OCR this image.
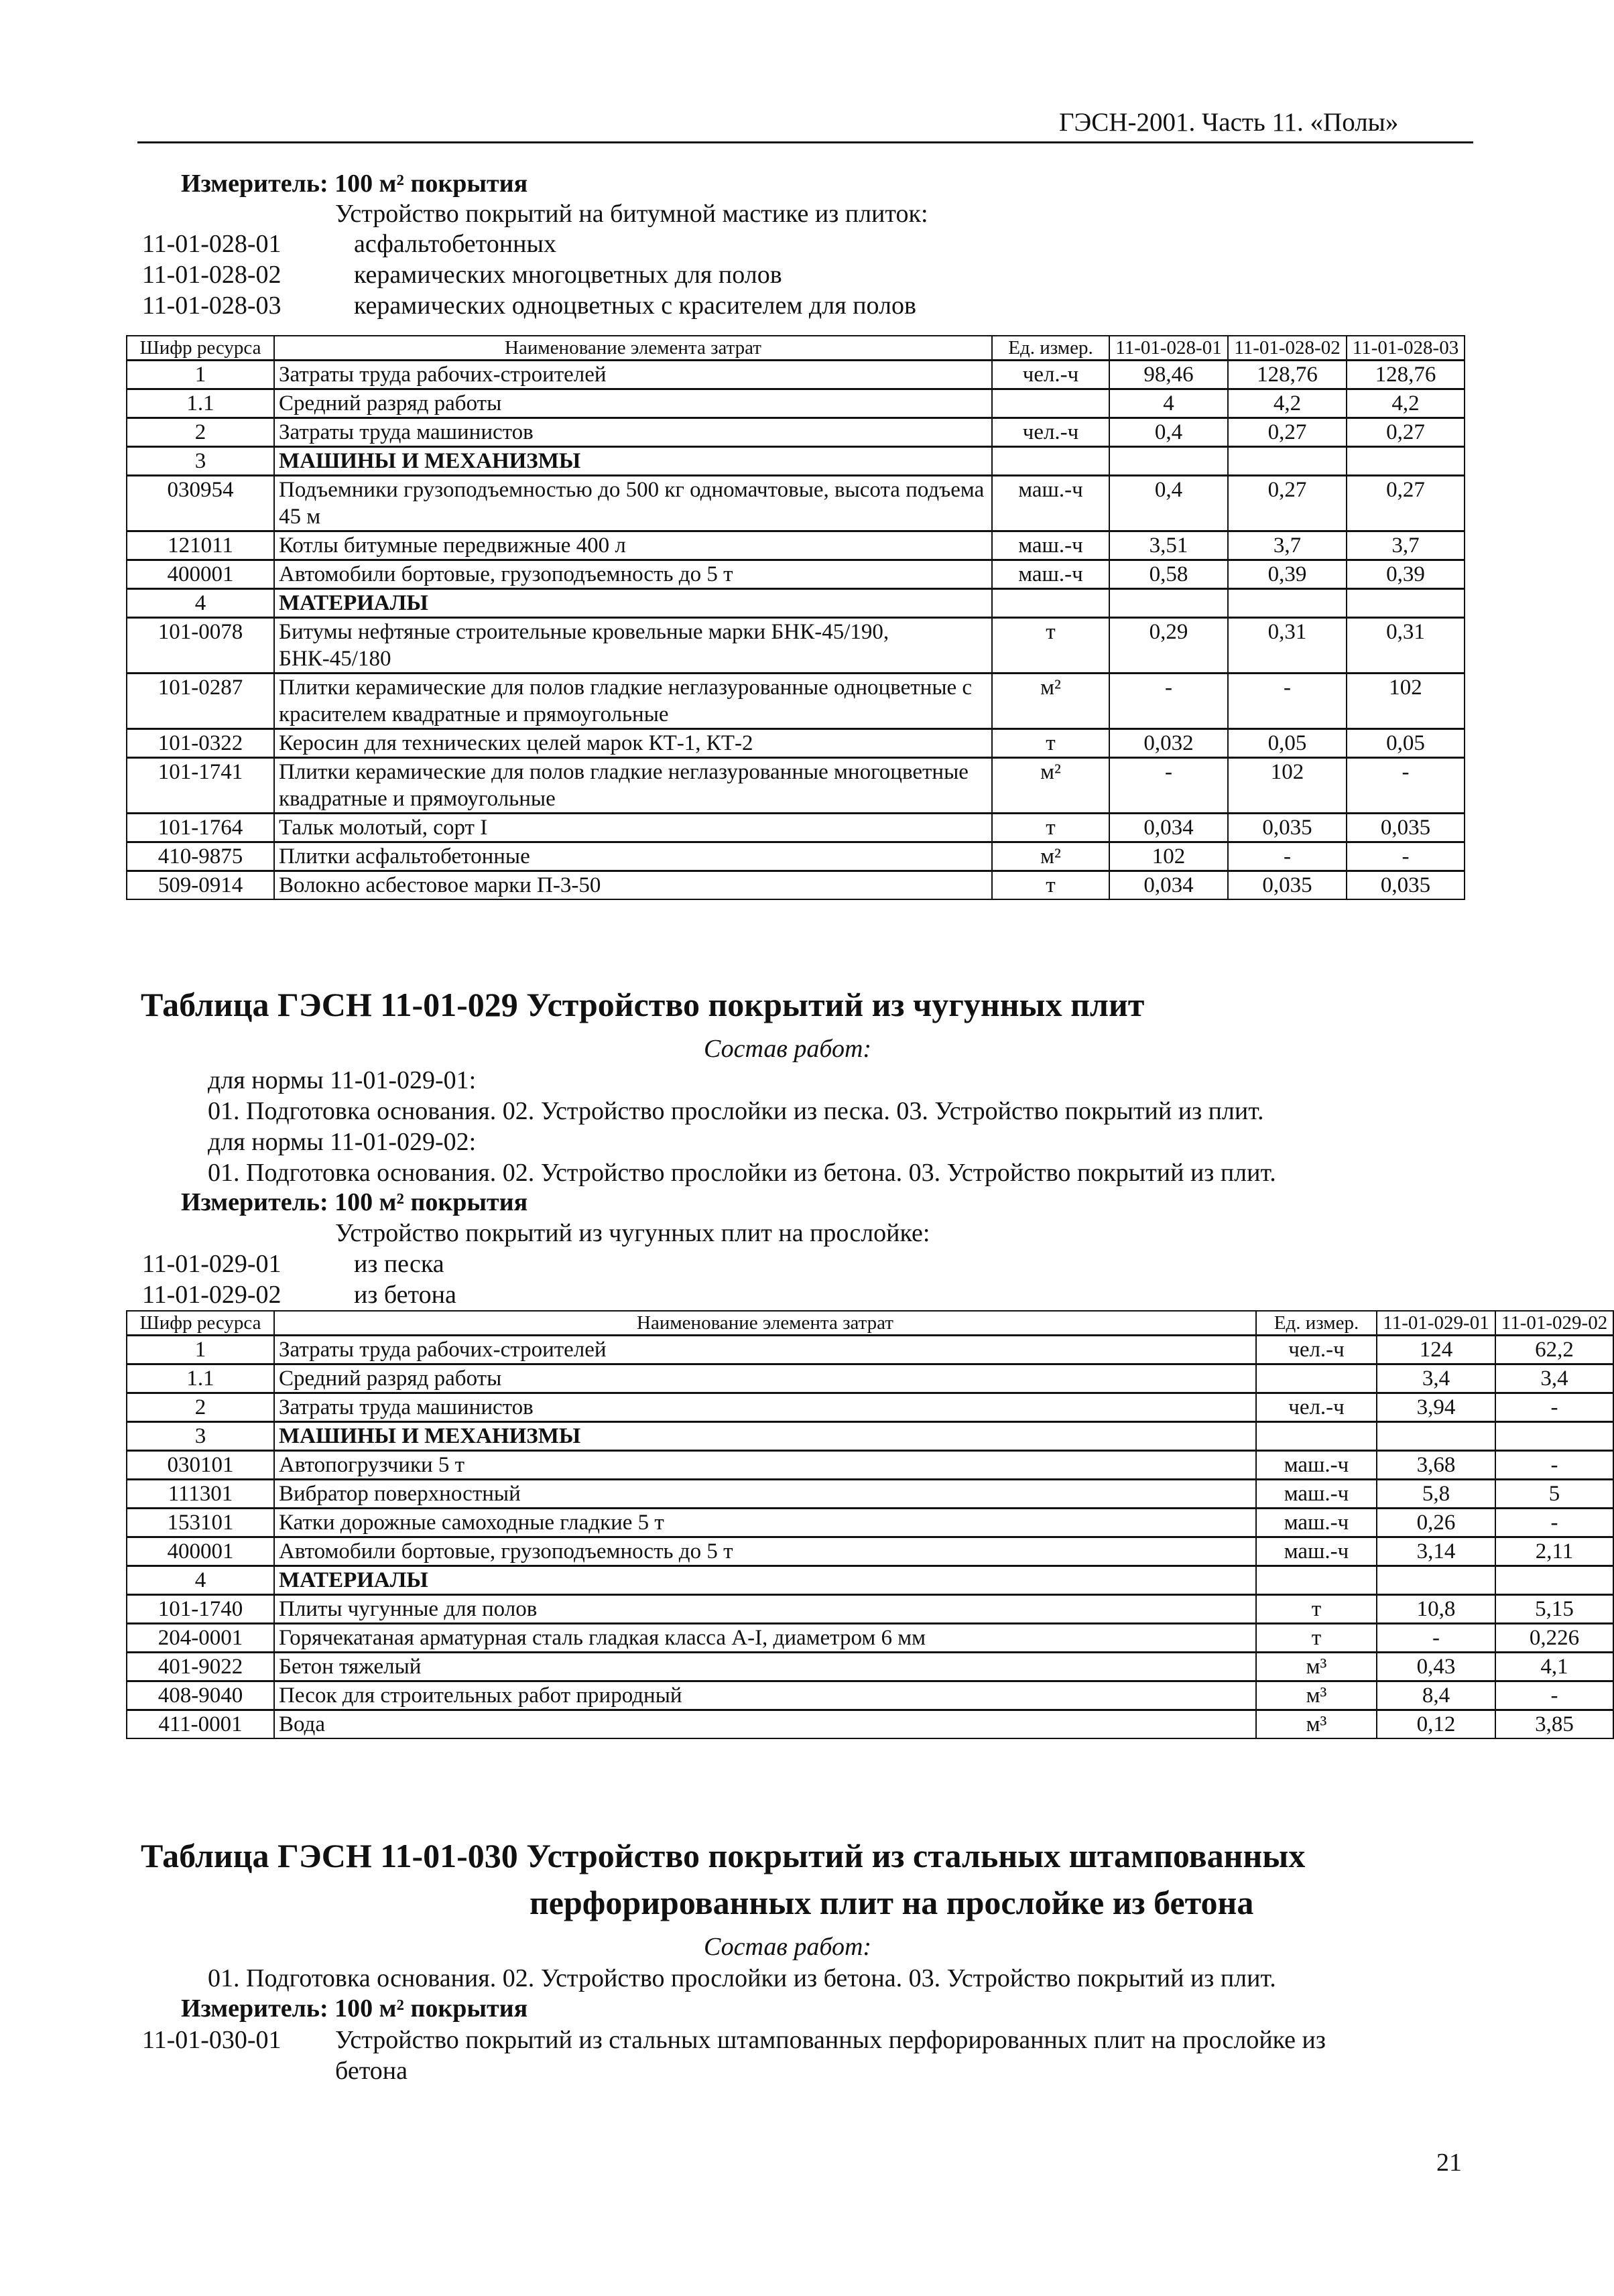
ГЭСН-2001. Часть 11. «Полы»
Измеритель: 100 м² покрытия
Устройство покрытий на битумной мастике из плиток:
11-01-028-01	асфальтобетонных
11-01-028-02	керамических многоцветных для полов
11-01-028-03	керамических одноцветных с красителем для полов
Шифр ресурса	Наименование элемента затрат	Ед. измер.	11-01-028-01	11-01-028-02	11-01-028-03
1	Затраты труда рабочих-строителей	чел.-ч	98,46	128,76	128,76
1.1	Средний разряд работы		4	4,2	4,2
2	Затраты труда машинистов	чел.-ч	0,4	0,27	0,27
3	МАШИНЫ И МЕХАНИЗМЫ				
030954	Подъемники грузоподъемностью до 500 кг одномачтовые, высота подъема 45 м	маш.-ч	0,4	0,27	0,27
121011	Котлы битумные передвижные 400 л	маш.-ч	3,51	3,7	3,7
400001	Автомобили бортовые, грузоподъемность до 5 т	маш.-ч	0,58	0,39	0,39
4	МАТЕРИАЛЫ				
101-0078	Битумы нефтяные строительные кровельные марки БНК-45/190, БНК-45/180	т	0,29	0,31	0,31
101-0287	Плитки керамические для полов гладкие неглазурованные одноцветные с красителем квадратные и прямоугольные	м²	-	-	102
101-0322	Керосин для технических целей марок КТ-1, КТ-2	т	0,032	0,05	0,05
101-1741	Плитки керамические для полов гладкие неглазурованные многоцветные квадратные и прямоугольные	м²	-	102	-
101-1764	Тальк молотый, сорт I	т	0,034	0,035	0,035
410-9875	Плитки асфальтобетонные	м²	102	-	-
509-0914	Волокно асбестовое марки П-3-50	т	0,034	0,035	0,035
Таблица ГЭСН 11-01-029 Устройство покрытий из чугунных плит
Состав работ:
для нормы 11-01-029-01:
01. Подготовка основания. 02. Устройство прослойки из песка. 03. Устройство покрытий из плит.
для нормы 11-01-029-02:
01. Подготовка основания. 02. Устройство прослойки из бетона. 03. Устройство покрытий из плит.
Измеритель: 100 м² покрытия
Устройство покрытий из чугунных плит на прослойке:
11-01-029-01	из песка
11-01-029-02	из бетона
Шифр ресурса	Наименование элемента затрат	Ед. измер.	11-01-029-01	11-01-029-02
1	Затраты труда рабочих-строителей	чел.-ч	124	62,2
1.1	Средний разряд работы		3,4	3,4
2	Затраты труда машинистов	чел.-ч	3,94	-
3	МАШИНЫ И МЕХАНИЗМЫ			
030101	Автопогрузчики 5 т	маш.-ч	3,68	-
111301	Вибратор поверхностный	маш.-ч	5,8	5
153101	Катки дорожные самоходные гладкие 5 т	маш.-ч	0,26	-
400001	Автомобили бортовые, грузоподъемность до 5 т	маш.-ч	3,14	2,11
4	МАТЕРИАЛЫ			
101-1740	Плиты чугунные для полов	т	10,8	5,15
204-0001	Горячекатаная арматурная сталь гладкая класса А-I, диаметром 6 мм	т	-	0,226
401-9022	Бетон тяжелый	м³	0,43	4,1
408-9040	Песок для строительных работ природный	м³	8,4	-
411-0001	Вода	м³	0,12	3,85
Таблица ГЭСН 11-01-030 Устройство покрытий из стальных штампованных
перфорированных плит на прослойке из бетона
Состав работ:
01. Подготовка основания. 02. Устройство прослойки из бетона. 03. Устройство покрытий из плит.
Измеритель: 100 м² покрытия
11-01-030-01 Устройство покрытий из стальных штампованных перфорированных плит на прослойке из
бетона
21
